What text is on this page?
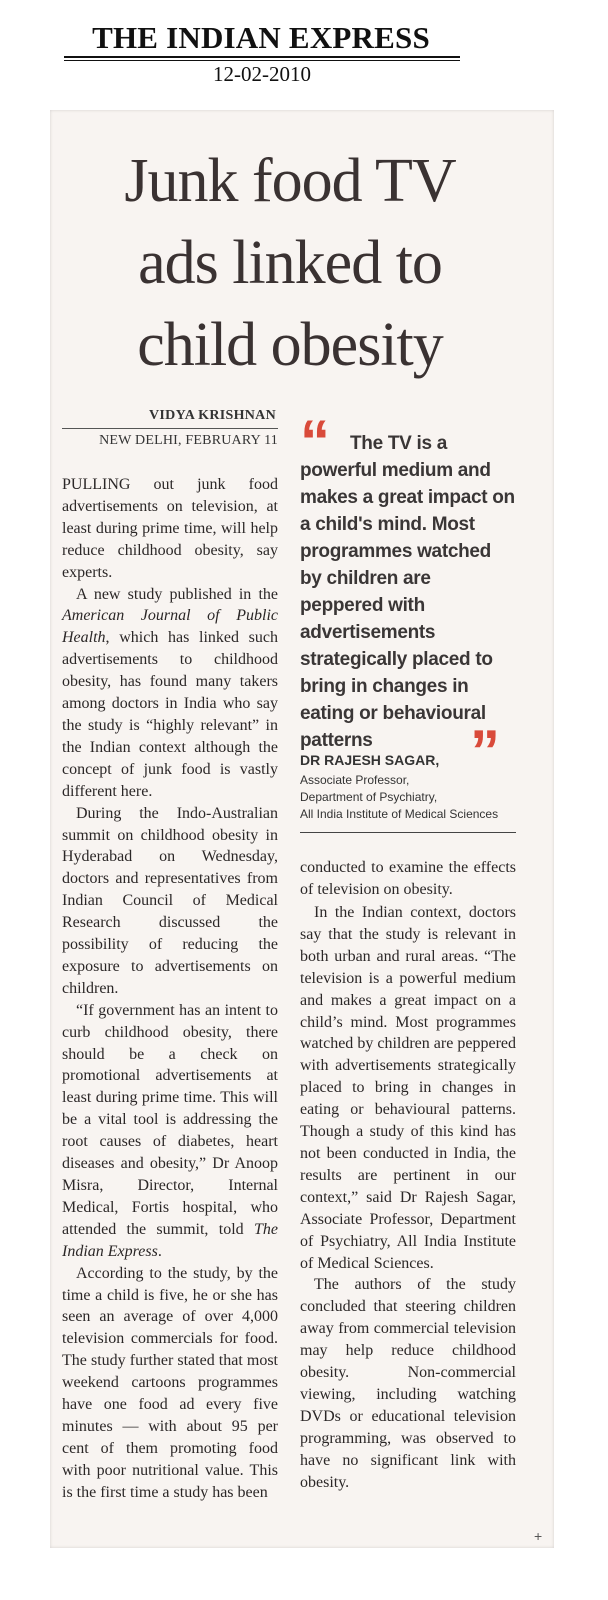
THE INDIAN EXPRESS
12-02-2010
Junk food TV
ads linked to
child obesity
VIDYA KRISHNAN
NEW DELHI, FEBRUARY 11

PULLING out junk food advertisements on television, at least during prime time, will help reduce childhood obesity, say experts.

A new study published in the American Journal of Public Health, which has linked such advertisements to childhood obesity, has found many takers among doctors in India who say the study is “highly relevant” in the Indian context although the concept of junk food is vastly different here.

During the Indo-Australian summit on childhood obesity in Hyderabad on Wednesday, doctors and representatives from Indian Council of Medical Research discussed the possibility of reducing the exposure to advertisements on children.

“If government has an intent to curb childhood obesity, there should be a check on promotional advertisements at least during prime time. This will be a vital tool is addressing the root causes of diabetes, heart diseases and obesity,” Dr Anoop Misra, Director, Internal Medical, Fortis hospital, who attended the summit, told The Indian Express.

According to the study, by the time a child is five, he or she has seen an average of over 4,000 television commercials for food. The study further stated that most weekend cartoons programmes have one food ad every five minutes — with about 95 per cent of them promoting food with poor nutritional value. This is the first time a study has been

“	The TV is a powerful medium and makes a great impact on a child's mind. Most programmes watched by children are peppered with advertisements strategically placed to bring in changes in eating or behavioural patterns	”
DR RAJESH SAGAR,
Associate Professor,
Department of Psychiatry,
All India Institute of Medical Sciences

conducted to examine the effects of television on obesity.

In the Indian context, doctors say that the study is relevant in both urban and rural areas. “The television is a powerful medium and makes a great impact on a child’s mind. Most programmes watched by children are peppered with advertisements strategically placed to bring in changes in eating or behavioural patterns. Though a study of this kind has not been conducted in India, the results are pertinent in our context,” said Dr Rajesh Sagar, Associate Professor, Department of Psychiatry, All India Institute of Medical Sciences.

The authors of the study concluded that steering children away from commercial television may help reduce childhood obesity. Non-commercial viewing, including watching DVDs or educational television programming, was observed to have no significant link with obesity.

+
